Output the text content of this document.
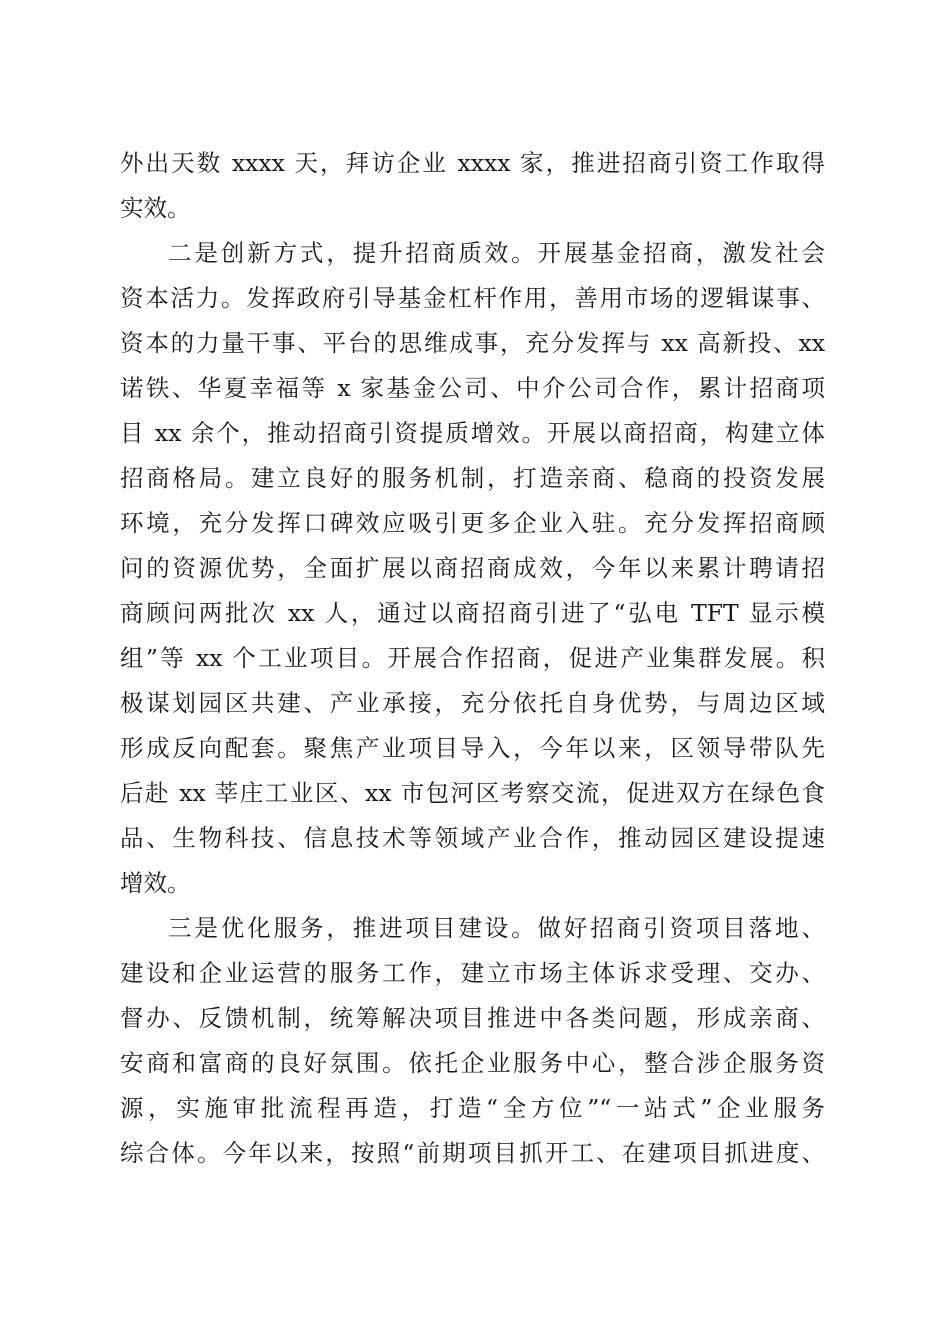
外出天数 xxxx 天，拜访企业 xxxx 家，推进招商引资工作取得
实效。
二是创新方式，提升招商质效。开展基金招商，激发社会
资本活力。发挥政府引导基金杠杆作用，善用市场的逻辑谋事、
资本的力量干事、平台的思维成事，充分发挥与 xx 高新投、xx
诺铁、华夏幸福等 x 家基金公司、中介公司合作，累计招商项
目 xx 余个，推动招商引资提质增效。开展以商招商，构建立体
招商格局。建立良好的服务机制，打造亲商、稳商的投资发展
环境，充分发挥口碑效应吸引更多企业入驻。充分发挥招商顾
问的资源优势，全面扩展以商招商成效，今年以来累计聘请招
商顾问两批次 xx 人，通过以商招商引进了“弘电 TFT 显示模
组”等 xx 个工业项目。开展合作招商，促进产业集群发展。积
极谋划园区共建、产业承接，充分依托自身优势，与周边区域
形成反向配套。聚焦产业项目导入，今年以来，区领导带队先
后赴 xx 莘庄工业区、xx 市包河区考察交流，促进双方在绿色食
品、生物科技、信息技术等领域产业合作，推动园区建设提速
增效。
三是优化服务，推进项目建设。做好招商引资项目落地、
建设和企业运营的服务工作，建立市场主体诉求受理、交办、
督办、反馈机制，统筹解决项目推进中各类问题，形成亲商、
安商和富商的良好氛围。依托企业服务中心，整合涉企服务资
源，实施审批流程再造，打造“全方位”“一站式”企业服务
综合体。今年以来，按照“前期项目抓开工、在建项目抓进度、
